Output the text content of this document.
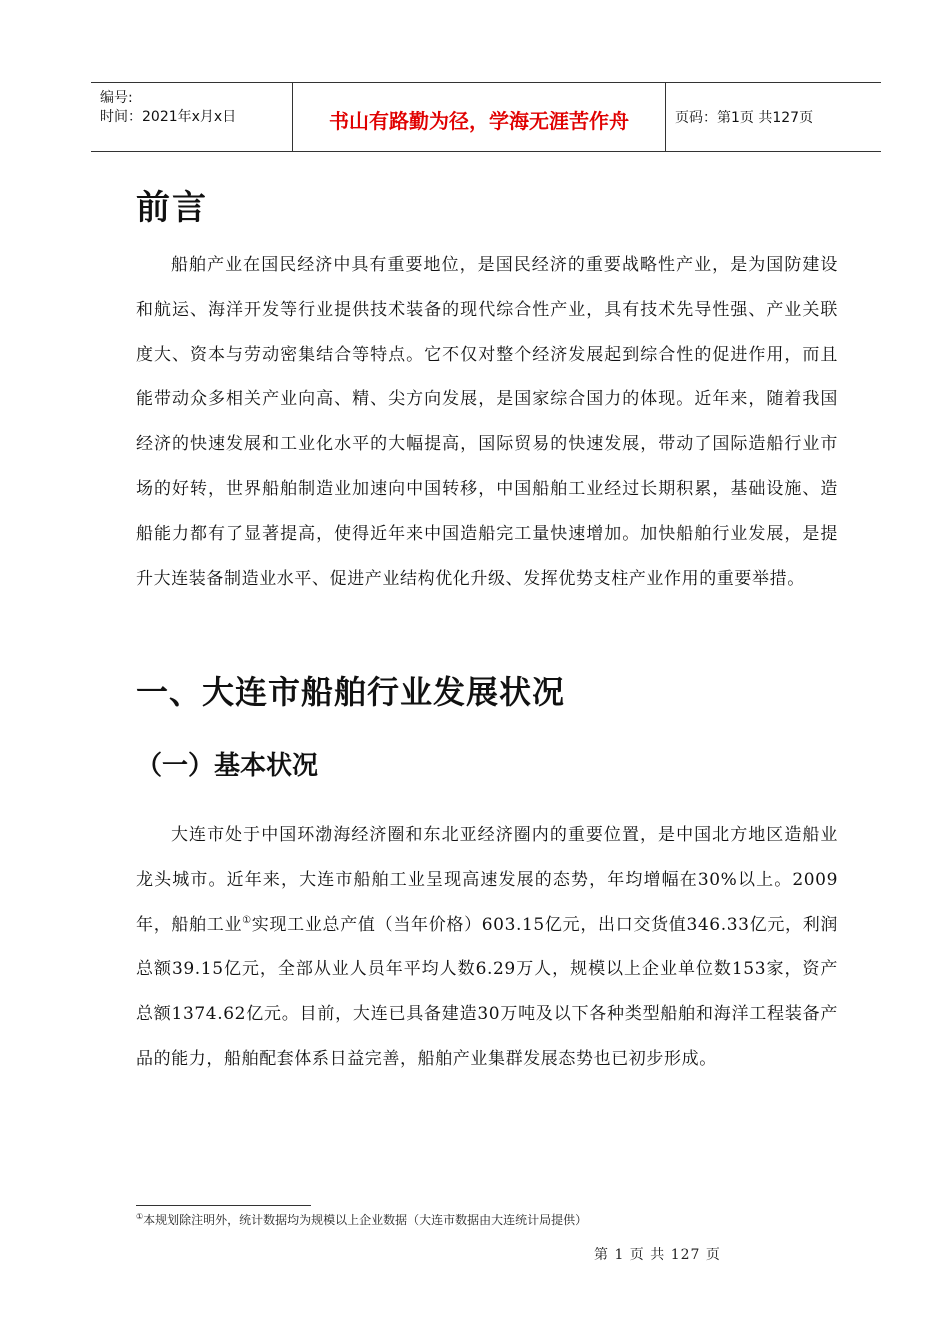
编号:
时间：2021年x月x日	书山有路勤为径，学海无涯苦作舟	页码：第1页 共127页
前言

船舶产业在国民经济中具有重要地位，是国民经济的重要战略性产业，是为国防建设和航运、海洋开发等行业提供技术装备的现代综合性产业，具有技术先导性强、产业关联度大、资本与劳动密集结合等特点。它不仅对整个经济发展起到综合性的促进作用，而且能带动众多相关产业向高、精、尖方向发展，是国家综合国力的体现。近年来，随着我国经济的快速发展和工业化水平的大幅提高，国际贸易的快速发展，带动了国际造船行业市场的好转，世界船舶制造业加速向中国转移，中国船舶工业经过长期积累，基础设施、造船能力都有了显著提高，使得近年来中国造船完工量快速增加。加快船舶行业发展，是提升大连装备制造业水平、促进产业结构优化升级、发挥优势支柱产业作用的重要举措。

一、大连市船舶行业发展状况
（一）基本状况

大连市处于中国环渤海经济圈和东北亚经济圈内的重要位置，是中国北方地区造船业龙头城市。近年来，大连市船舶工业呈现高速发展的态势，年均增幅在30%以上。2009年，船舶工业①实现工业总产值（当年价格）603.15亿元，出口交货值346.33亿元，利润总额39.15亿元，全部从业人员年平均人数6.29万人，规模以上企业单位数153家，资产总额1374.62亿元。目前，大连已具备建造30万吨及以下各种类型船舶和海洋工程装备产品的能力，船舶配套体系日益完善，船舶产业集群发展态势也已初步形成。

①本规划除注明外，统计数据均为规模以上企业数据（大连市数据由大连统计局提供）
第 1 页 共 127 页
